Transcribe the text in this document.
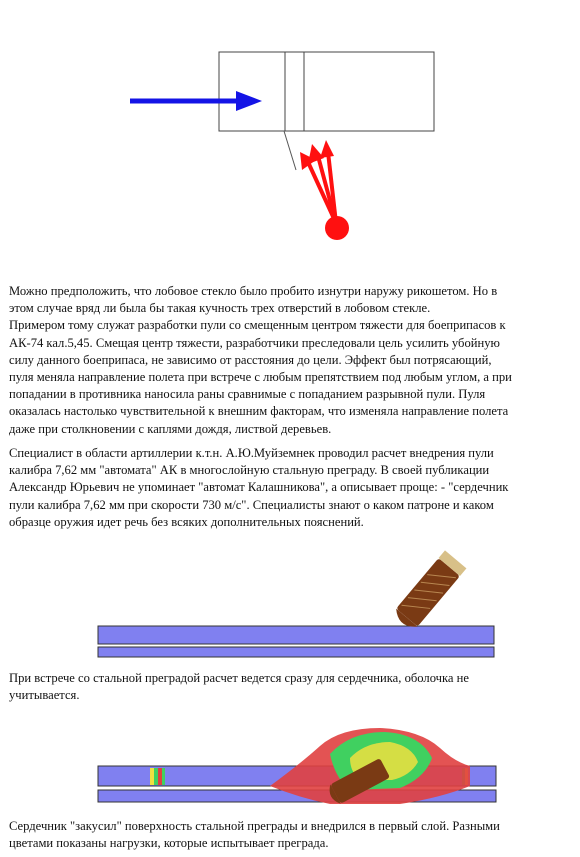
Можно предположить, что лобовое стекло было пробито изнутри наружу рикошетом. Но в
этом случае вряд ли была бы такая кучность трех отверстий в лобовом стекле.
Примером тому служат разработки пули со смещенным центром тяжести для боеприпасов к
АК-74 кал.5,45. Смещая центр тяжести, разработчики преследовали цель усилить убойную
силу данного боеприпаса, не зависимо от расстояния до цели. Эффект был потрясающий,
пуля меняла направление полета при встрече с любым препятствием под любым углом, а при
попадании в противника наносила раны сравнимые с попаданием разрывной пули. Пуля
оказалась настолько чувствительной к внешним факторам, что изменяла направление полета
даже при столкновении с каплями дождя, листвой деревьев.

Специалист в области артиллерии к.т.н. А.Ю.Муйземнек проводил расчет внедрения пули
калибра 7,62 мм "автомата" АК в многослойную стальную преграду. В своей публикации
Александр Юрьевич не упоминает "автомат Калашникова", а описывает проще: - "сердечник
пули калибра 7,62 мм при скорости 730 м/с". Специалисты знают о каком патроне и каком
образце оружия идет речь без всяких дополнительных пояснений.

При встрече со стальной преградой расчет ведется сразу для сердечника, оболочка не
учитывается.

Сердечник "закусил" поверхность стальной преграды и внедрился в первый слой. Разными
цветами показаны нагрузки, которые испытывает преграда.
